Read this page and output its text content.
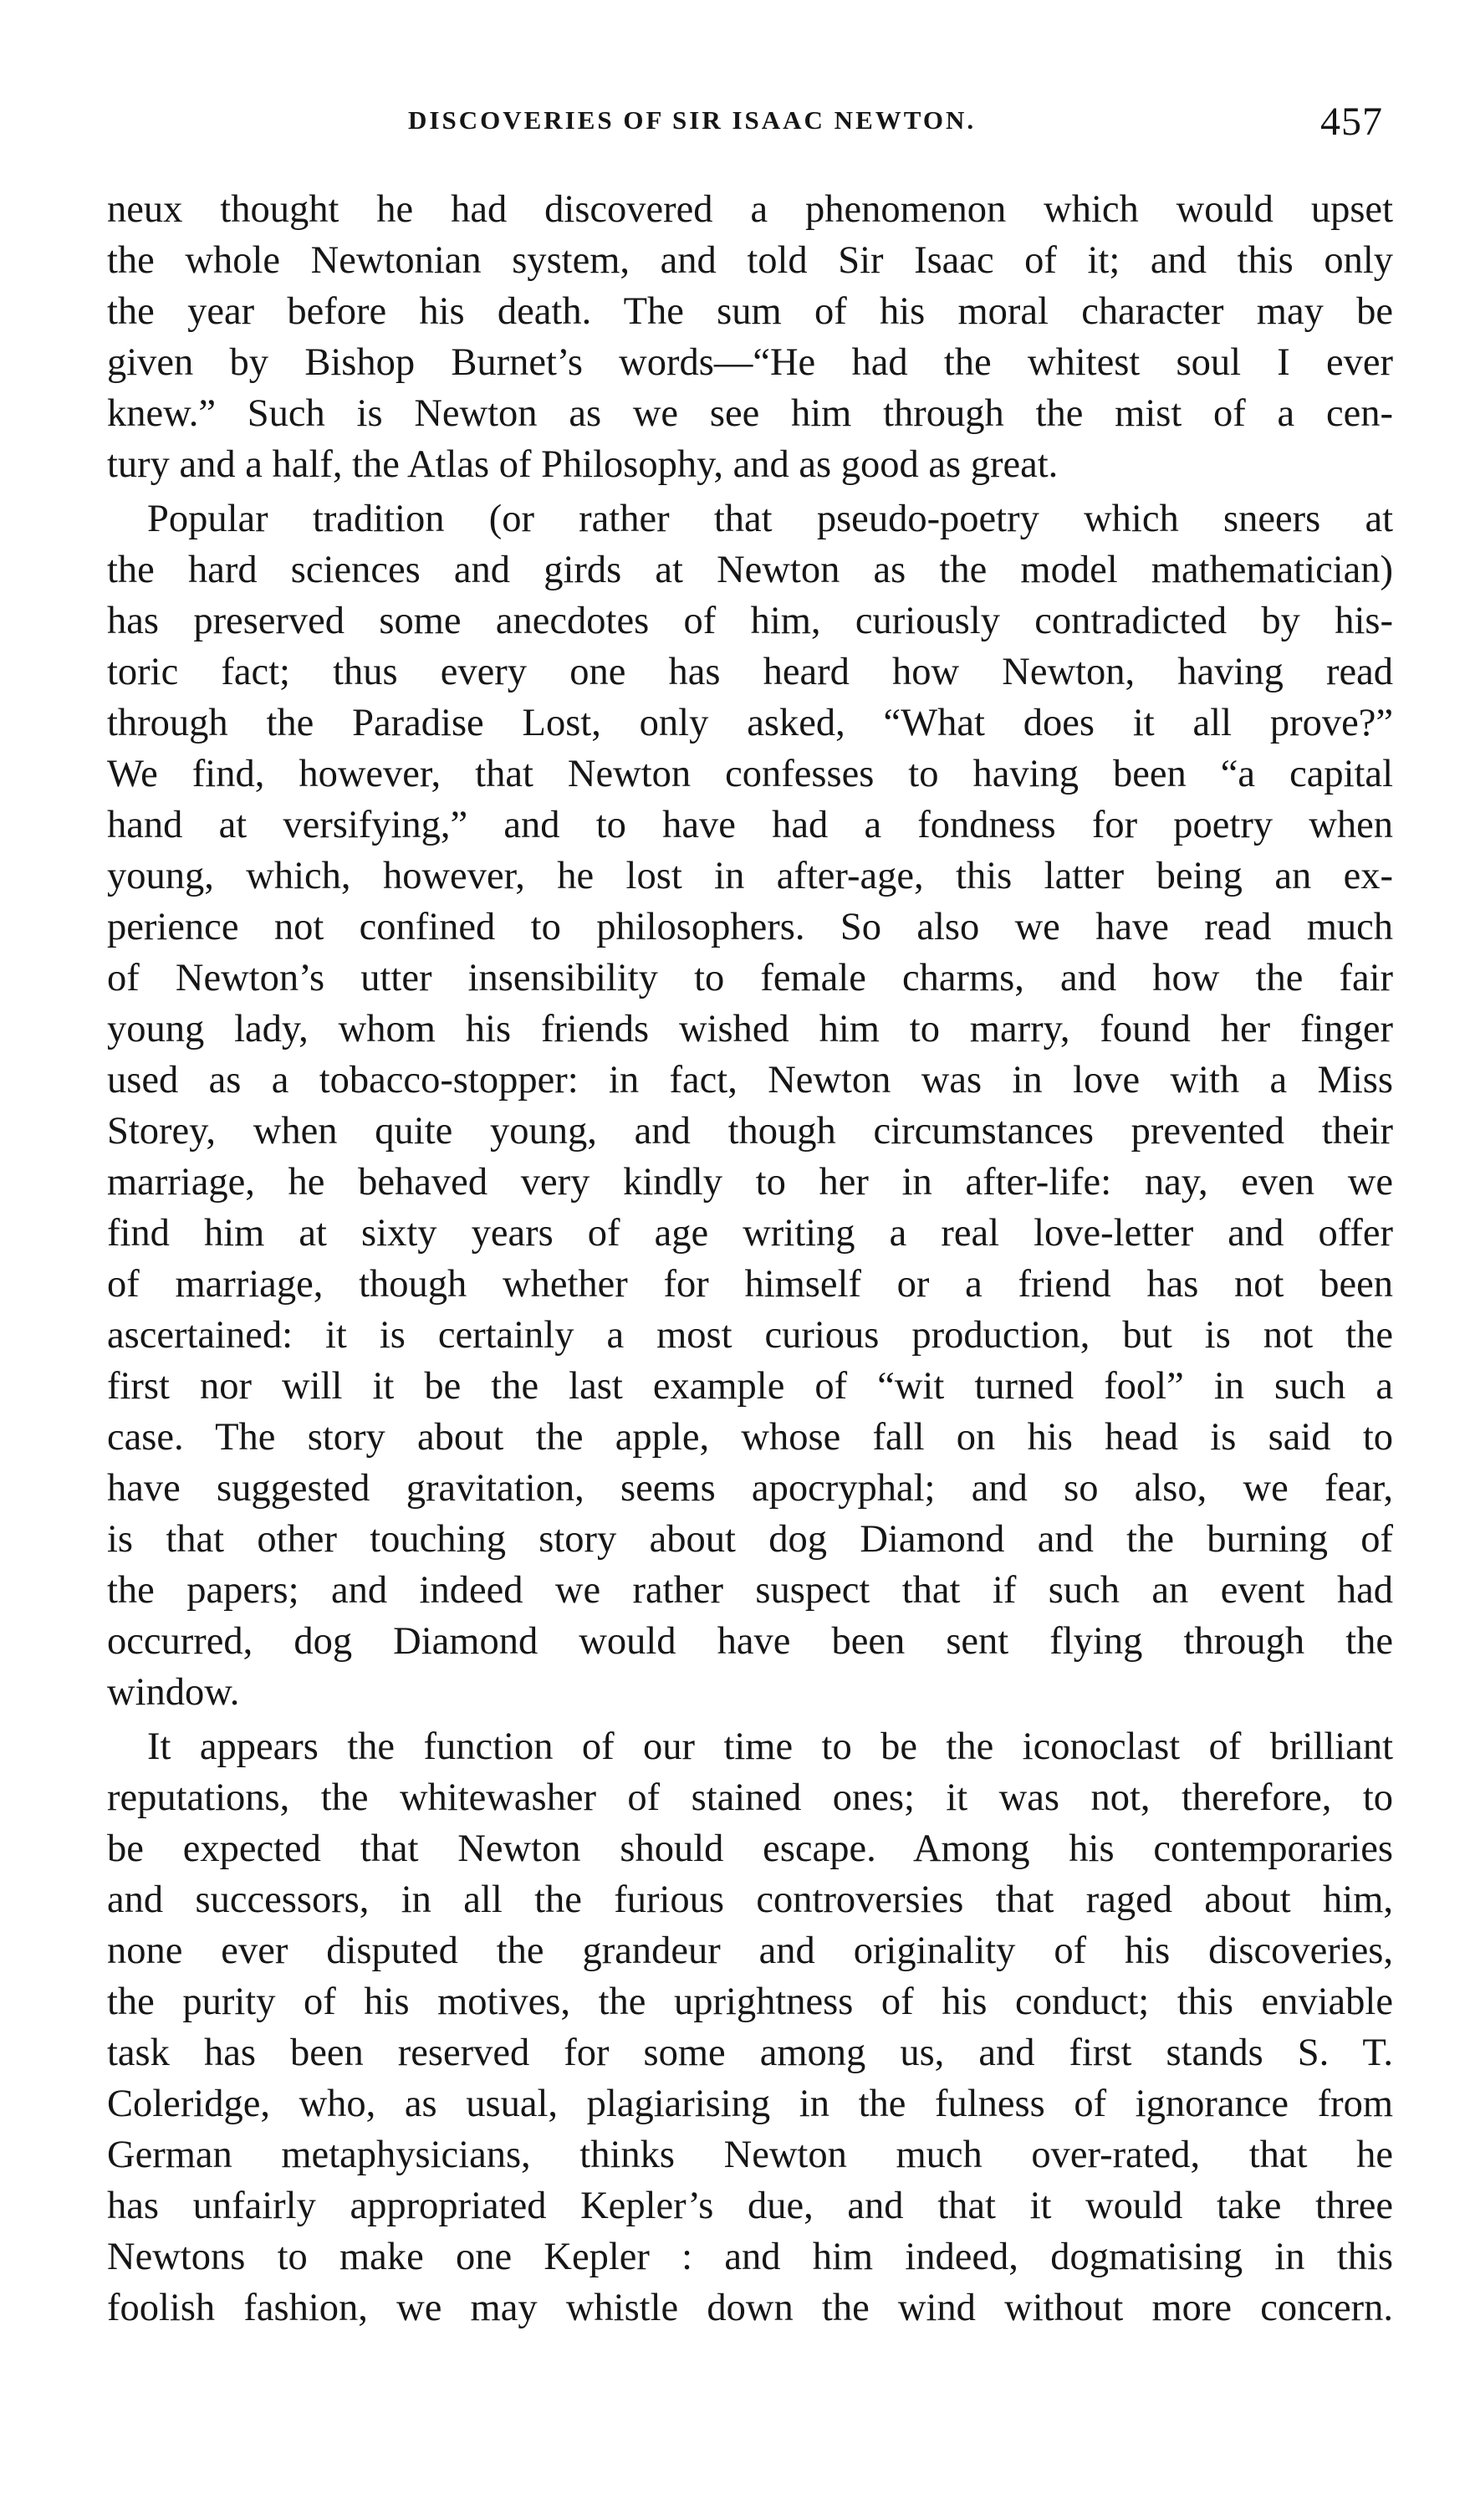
DISCOVERIES OF SIR ISAAC NEWTON.	457
neux thought he had discovered a phenomenon which would upset
the whole Newtonian system, and told Sir Isaac of it; and this only
the year before his death. The sum of his moral character may be
given by Bishop Burnet’s words—“He had the whitest soul I ever
knew.” Such is Newton as we see him through the mist of a cen-
tury and a half, the Atlas of Philosophy, and as good as great.
Popular tradition (or rather that pseudo-poetry which sneers at
the hard sciences and girds at Newton as the model mathematician)
has preserved some anecdotes of him, curiously contradicted by his-
toric fact; thus every one has heard how Newton, having read
through the Paradise Lost, only asked, “What does it all prove?”
We find, however, that Newton confesses to having been “a capital
hand at versifying,” and to have had a fondness for poetry when
young, which, however, he lost in after-age, this latter being an ex-
perience not confined to philosophers. So also we have read much
of Newton’s utter insensibility to female charms, and how the fair
young lady, whom his friends wished him to marry, found her finger
used as a tobacco-stopper: in fact, Newton was in love with a Miss
Storey, when quite young, and though circumstances prevented their
marriage, he behaved very kindly to her in after-life: nay, even we
find him at sixty years of age writing a real love-letter and offer
of marriage, though whether for himself or a friend has not been
ascertained: it is certainly a most curious production, but is not the
first nor will it be the last example of “wit turned fool” in such a
case. The story about the apple, whose fall on his head is said to
have suggested gravitation, seems apocryphal; and so also, we fear,
is that other touching story about dog Diamond and the burning of
the papers; and indeed we rather suspect that if such an event had
occurred, dog Diamond would have been sent flying through the
window.
It appears the function of our time to be the iconoclast of brilliant
reputations, the whitewasher of stained ones; it was not, therefore, to
be expected that Newton should escape. Among his contemporaries
and successors, in all the furious controversies that raged about him,
none ever disputed the grandeur and originality of his discoveries,
the purity of his motives, the uprightness of his conduct; this enviable
task has been reserved for some among us, and first stands S. T.
Coleridge, who, as usual, plagiarising in the fulness of ignorance from
German metaphysicians, thinks Newton much over-rated, that he
has unfairly appropriated Kepler’s due, and that it would take three
Newtons to make one Kepler : and him indeed, dogmatising in this
foolish fashion, we may whistle down the wind without more concern.
